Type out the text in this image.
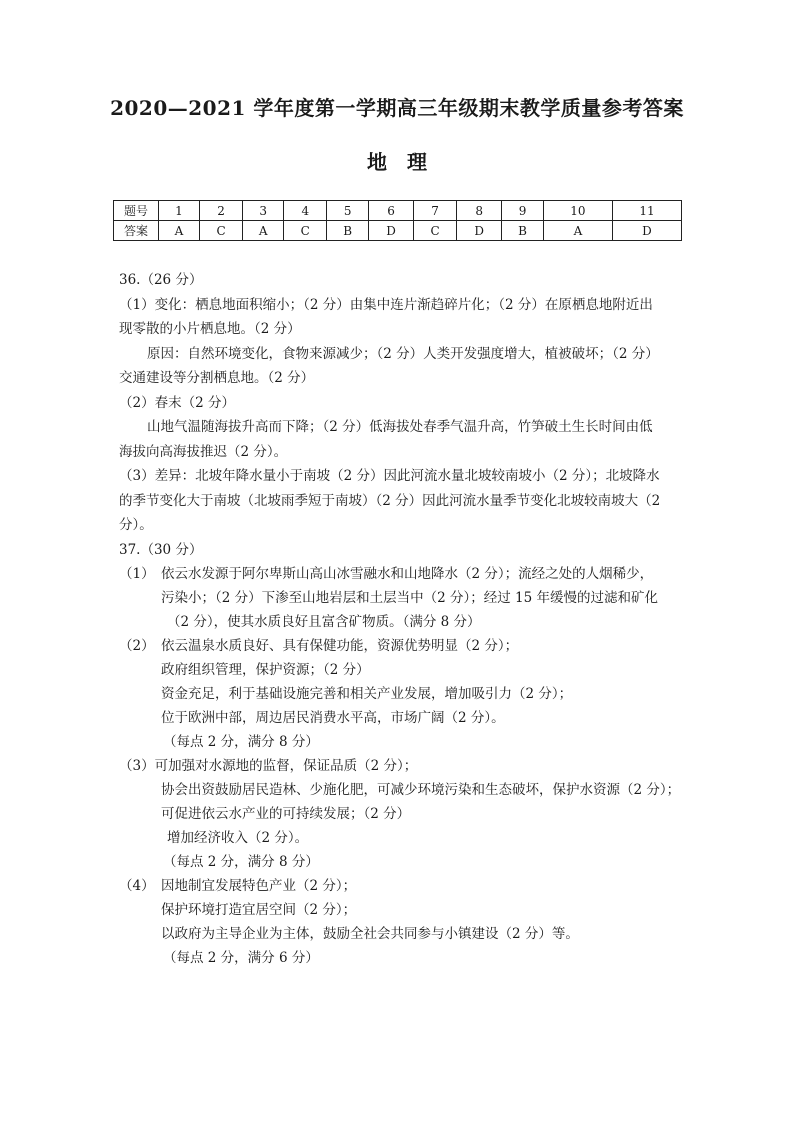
2020—2021 学年度第一学期高三年级期末教学质量参考答案
地　理
题号	1	2	3	4	5	6	7	8	9	10	11
答案	A	C	A	C	B	D	C	D	B	A	D
36.（26 分）
（1）变化：栖息地面积缩小；（2 分）由集中连片渐趋碎片化；（2 分）在原栖息地附近出
现零散的小片栖息地。（2 分）
原因：自然环境变化，食物来源减少；（2 分）人类开发强度增大，植被破坏；（2 分）
交通建设等分割栖息地。（2 分）
（2）春末（2 分）
山地气温随海拔升高而下降；（2 分）低海拔处春季气温升高，竹笋破土生长时间由低
海拔向高海拔推迟（2 分）。
（3）差异：北坡年降水量小于南坡（2 分）因此河流水量北坡较南坡小（2 分）；北坡降水
的季节变化大于南坡（北坡雨季短于南坡）（2 分）因此河流水量季节变化北坡较南坡大（2
分）。
37.（30 分）
（1） 依云水发源于阿尔卑斯山高山冰雪融水和山地降水（2 分）；流经之处的人烟稀少，
污染小；（2 分）下渗至山地岩层和土层当中（2 分）；经过 15 年缓慢的过滤和矿化
（2 分），使其水质良好且富含矿物质。（满分 8 分）
（2） 依云温泉水质良好、具有保健功能，资源优势明显（2 分）；
政府组织管理，保护资源；（2 分）
资金充足，利于基础设施完善和相关产业发展，增加吸引力（2 分）；
位于欧洲中部，周边居民消费水平高，市场广阔（2 分）。
（每点 2 分，满分 8 分）
（3）可加强对水源地的监督，保证品质（2 分）；
协会出资鼓励居民造林、少施化肥，可减少环境污染和生态破坏，保护水资源（2 分）；
可促进依云水产业的可持续发展；（2 分）
增加经济收入（2 分）。
（每点 2 分，满分 8 分）
（4） 因地制宜发展特色产业（2 分）；
保护环境打造宜居空间（2 分）；
以政府为主导企业为主体，鼓励全社会共同参与小镇建设（2 分）等。
（每点 2 分，满分 6 分）
